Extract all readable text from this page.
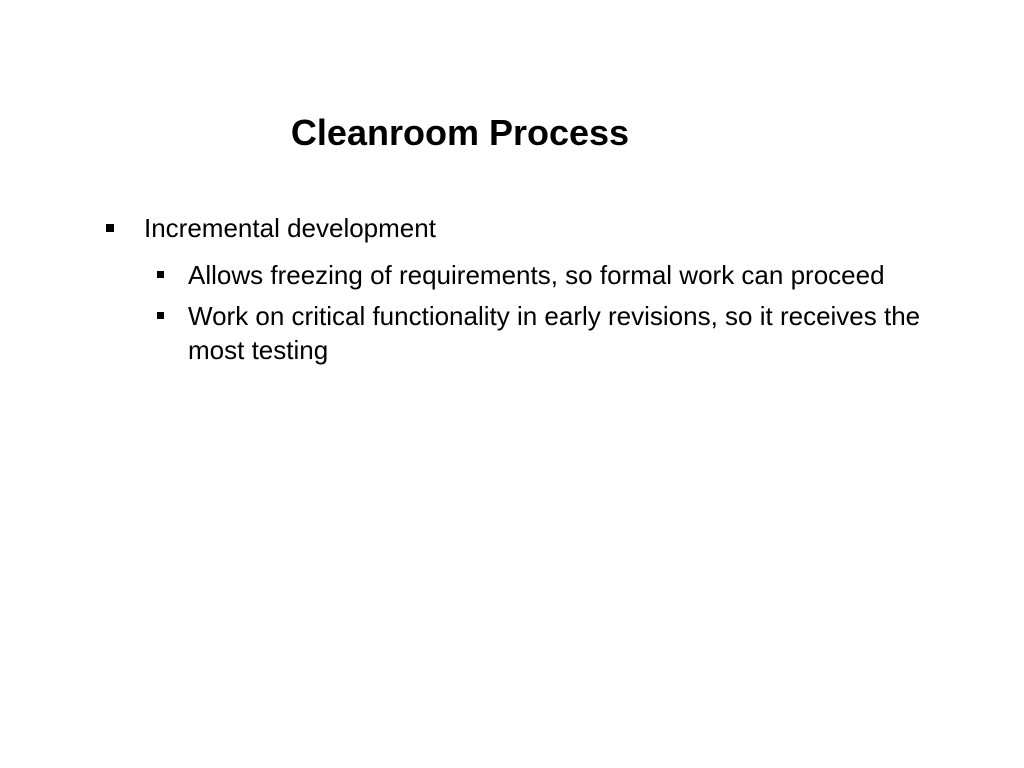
Cleanroom Process
Incremental development
Allows freezing of requirements, so formal work can proceed
Work on critical functionality in early revisions, so it receives the most testing
